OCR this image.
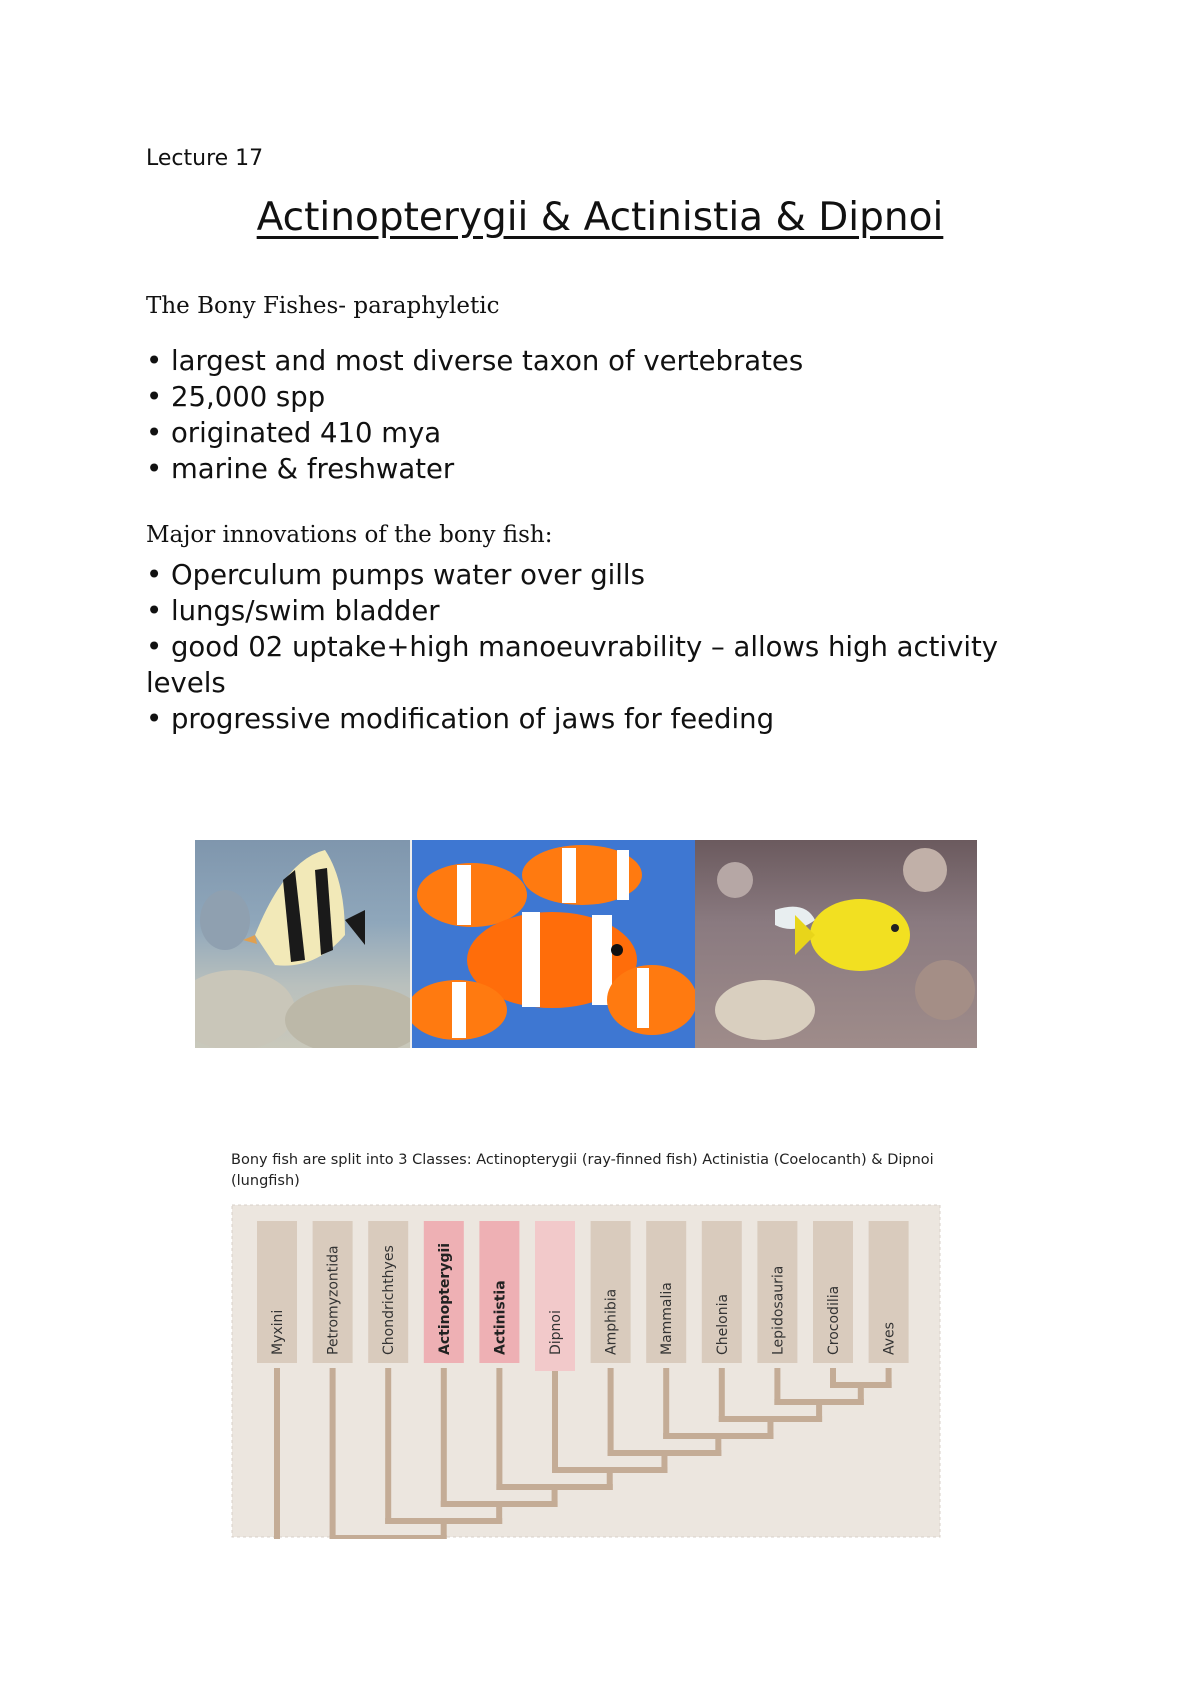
Lecture 17
Actinopterygii & Actinistia & Dipnoi
The Bony Fishes- paraphyletic
• largest and most diverse taxon of vertebrates
• 25,000 spp
• originated 410 mya
• marine & freshwater
Major innovations of the bony fish:
• Operculum pumps water over gills
• lungs/swim bladder
• good 02 uptake+high manoeuvrability – allows high activity levels
• progressive modification of jaws for feeding
Bony fish are split into 3 Classes: Actinopterygii (ray-finned fish) Actinistia (Coelocanth) & Dipnoi (lungfish)
Myxini	Petromyzontida	Chondrichthyes	Actinopterygii	Actinistia	Dipnoi	Amphibia	Mammalia	Chelonia	Lepidosauria	Crocodilia	Aves
